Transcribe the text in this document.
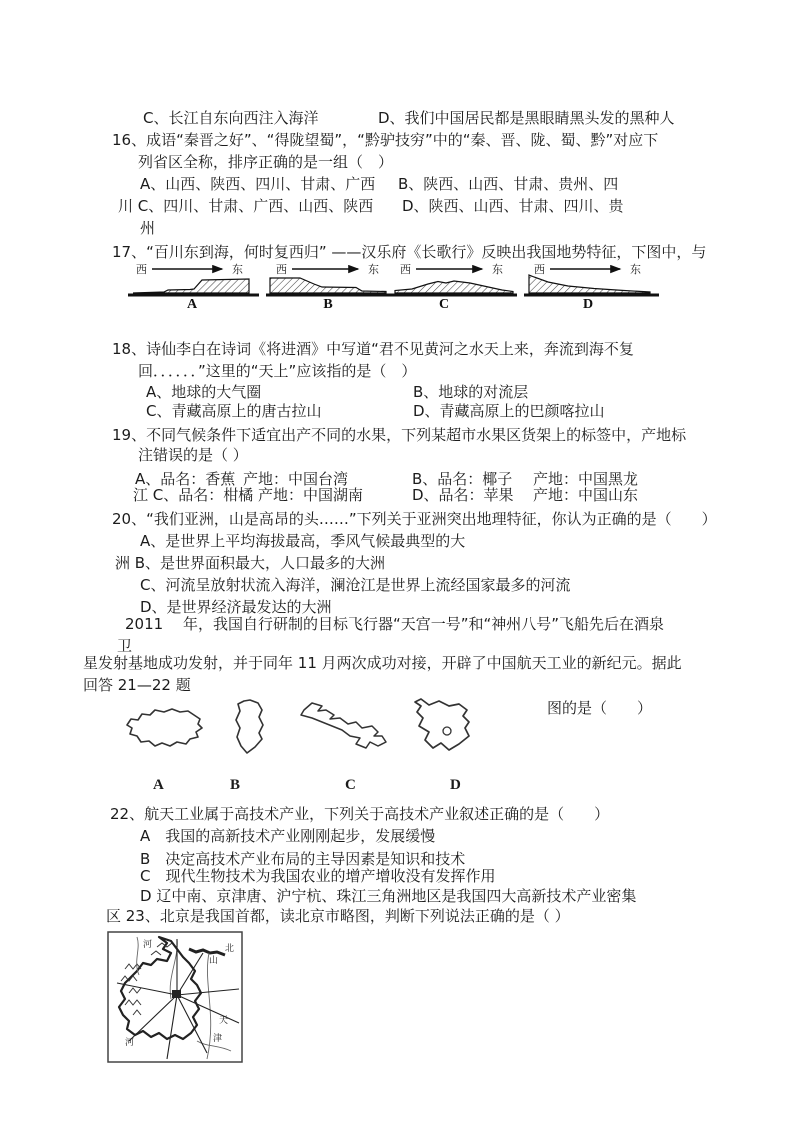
C、长江自东向西注入海洋	D、我们中国居民都是黑眼睛黑头发的黑种人
16、成语“秦晋之好”、“得陇望蜀”，“黔驴技穷”中的“秦、晋、陇、蜀、黔”对应下
列省区全称，排序正确的是一组（　）
A、山西、陕西、四川、甘肃、广西 B、陕西、山西、甘肃、贵州、四
川 C、四川、甘肃、广西、山西、陕西 D、陕西、山西、甘肃、四川、贵
州
17、“百川东到海，何时复西归” ——汉乐府《长歌行》反映出我国地势特征，下图中，与
西	东
A
西	东
B
西	东
C
西	东
D
18、诗仙李白在诗词《将进酒》中写道“君不见黄河之水天上来，奔流到海不复
回．．．．．．”这里的“天上”应该指的是（　）
A、地球的大气圈	B、地球的对流层
C、青藏高原上的唐古拉山	D、青藏高原上的巴颜喀拉山
19、不同气候条件下适宜出产不同的水果，下列某超市水果区货架上的标签中，产地标
注错误的是（ ）
A、品名：香蕉 产地：中国台湾	B、品名：椰子 产地：中国黑龙
江 C、品名：柑橘 产地：中国湖南	D、品名：苹果 产地：中国山东
20、“我们亚洲，山是高昂的头……”下列关于亚洲突出地理特征，你认为正确的是（　　）
A、是世界上平均海拔最高，季风气候最典型的大
洲 B、是世界面积最大，人口最多的大洲
C、河流呈放射状流入海洋，澜沧江是世界上流经国家最多的河流
D、是世界经济最发达的大洲
2011　 年，我国自行研制的目标飞行器“天宫一号”和“神州八号”飞船先后在酒泉
卫
星发射基地成功发射，并于同年 11 月两次成功对接，开辟了中国航天工业的新纪元。据此
回答 21—22 题
图的是（　　）
A	B	C	D
22、航天工业属于高技术产业，下列关于高技术产业叙述正确的是（　　）
A　我国的高新技术产业刚刚起步，发展缓慢
B　决定高技术产业布局的主导因素是知识和技术
C　现代生物技术为我国农业的增产增收没有发挥作用
D 辽中南、京津唐、沪宁杭、珠江三角洲地区是我国四大高新技术产业密集
区 23、北京是我国首都，读北京市略图，判断下列说法正确的是（ ）
河	北
山
天
津
河
